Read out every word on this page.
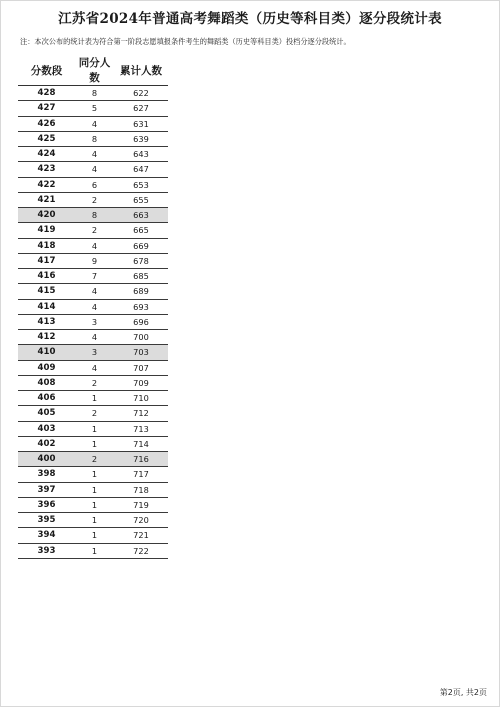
江苏省2024年普通高考舞蹈类（历史等科目类）逐分段统计表
注：本次公布的统计表为符合第一阶段志愿填报条件考生的舞蹈类（历史等科目类）投档分逐分段统计。
分数段	同分人数	累计人数
428	8	622
427	5	627
426	4	631
425	8	639
424	4	643
423	4	647
422	6	653
421	2	655
420	8	663
419	2	665
418	4	669
417	9	678
416	7	685
415	4	689
414	4	693
413	3	696
412	4	700
410	3	703
409	4	707
408	2	709
406	1	710
405	2	712
403	1	713
402	1	714
400	2	716
398	1	717
397	1	718
396	1	719
395	1	720
394	1	721
393	1	722
第2页, 共2页
